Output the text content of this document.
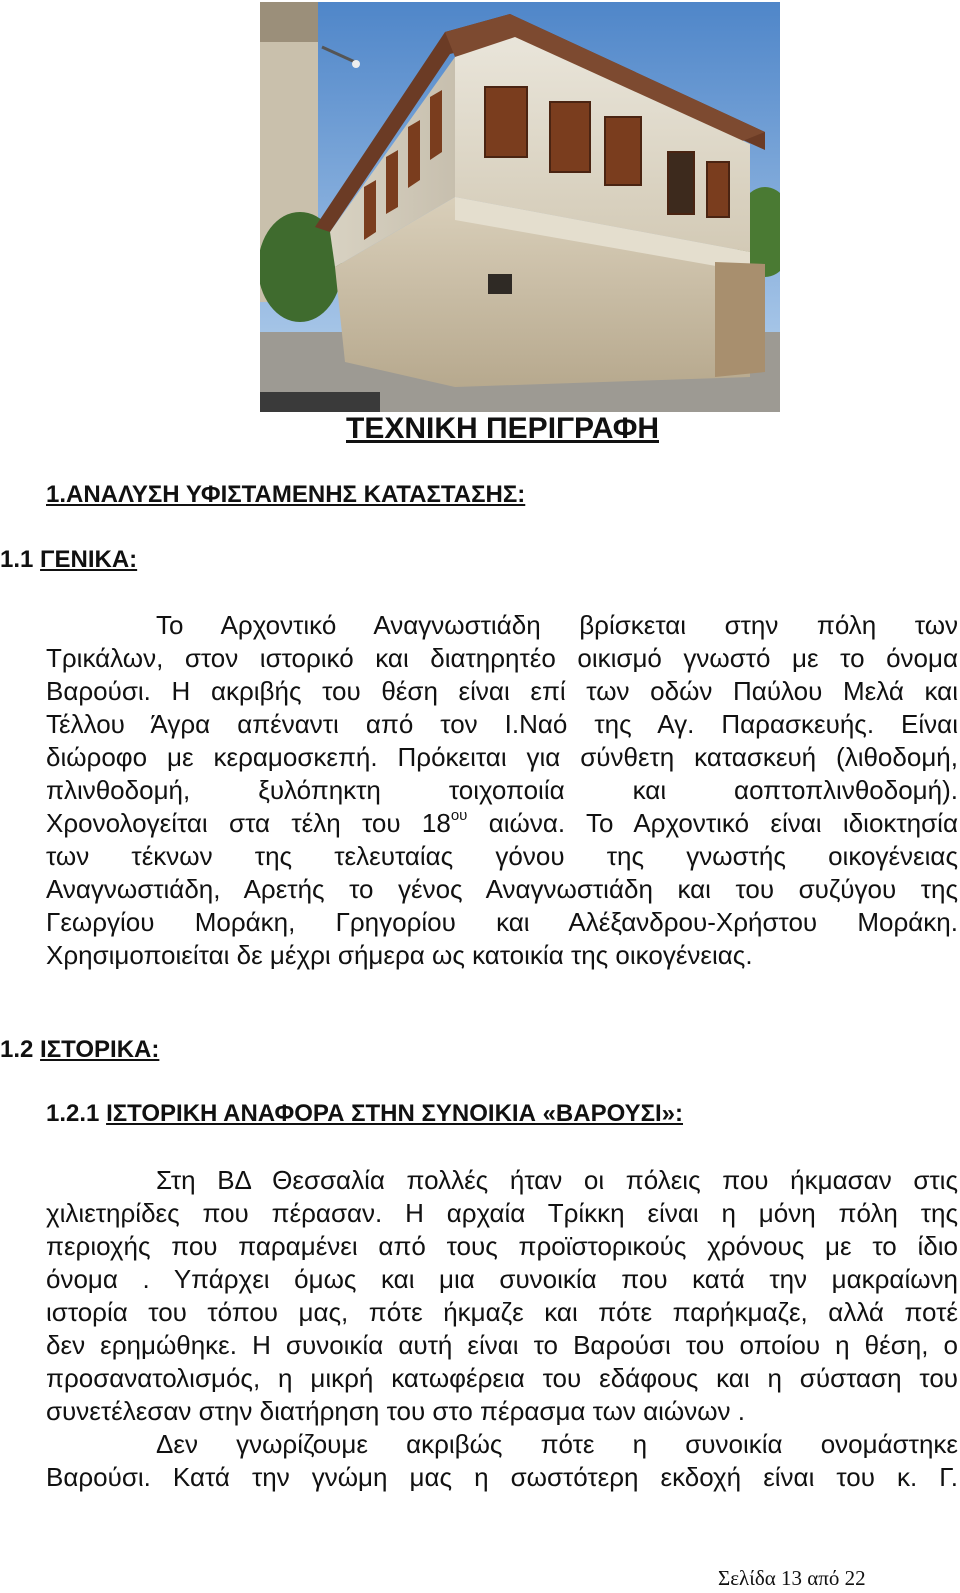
ΤΕΧΝΙΚΗ ΠΕΡΙΓΡΑΦΗ
1.ΑΝΑΛΥΣΗ ΥΦΙΣΤΑΜΕΝΗΣ ΚΑΤΑΣΤΑΣΗΣ:
1.1 ΓΕΝΙΚΑ:
Το Αρχοντικό Αναγνωστιάδη βρίσκεται στην πόλη των
Τρικάλων, στον ιστορικό και διατηρητέο οικισμό γνωστό με το όνομα
Βαρούσι. Η ακριβής του θέση είναι επί των οδών Παύλου Μελά και
Τέλλου Άγρα απέναντι από τον Ι.Ναό της Αγ. Παρασκευής. Είναι
διώροφο με κεραμοσκεπή. Πρόκειται για σύνθετη κατασκευή (λιθοδομή,
πλινθοδομή, ξυλόπηκτη τοιχοποιία και αοπτοπλινθοδομή).
Χρονολογείται στα τέλη του $18^{o\upsilon}$ αιώνα. Το Αρχοντικό είναι ιδιοκτησία
των τέκνων της τελευταίας γόνου της γνωστής οικογένειας
Αναγνωστιάδη, Αρετής το γένος Αναγνωστιάδη και του συζύγου της
Γεωργίου Μοράκη, Γρηγορίου και Αλέξανδρου-Χρήστου Μοράκη.
Χρησιμοποιείται δε μέχρι σήμερα ως κατοικία της οικογένειας.
1.2 ΙΣΤΟΡΙΚΑ:
1.2.1 ΙΣΤΟΡΙΚΗ ΑΝΑΦΟΡΑ ΣΤΗΝ ΣΥΝΟΙΚΙΑ «ΒΑΡΟΥΣΙ»:
Στη ΒΔ Θεσσαλία πολλές ήταν οι πόλεις που ήκμασαν στις
χιλιετηρίδες που πέρασαν. Η αρχαία Τρίκκη είναι η μόνη πόλη της
περιοχής που παραμένει από τους προϊστορικούς χρόνους με το ίδιο
όνομα . Υπάρχει όμως και μια συνοικία που κατά την μακραίωνη
ιστορία του τόπου μας, πότε ήκμαζε και πότε παρήκμαζε, αλλά ποτέ
δεν ερημώθηκε. Η συνοικία αυτή είναι το Βαρούσι του οποίου η θέση, ο
προσανατολισμός, η μικρή κατωφέρεια του εδάφους και η σύσταση του
συνετέλεσαν στην διατήρηση του στο πέρασμα των αιώνων .
Δεν γνωρίζουμε ακριβώς πότε η συνοικία ονομάστηκε
Βαρούσι. Κατά την γνώμη μας η σωστότερη εκδοχή είναι του κ. Γ.
Σελίδα 13 από 22
